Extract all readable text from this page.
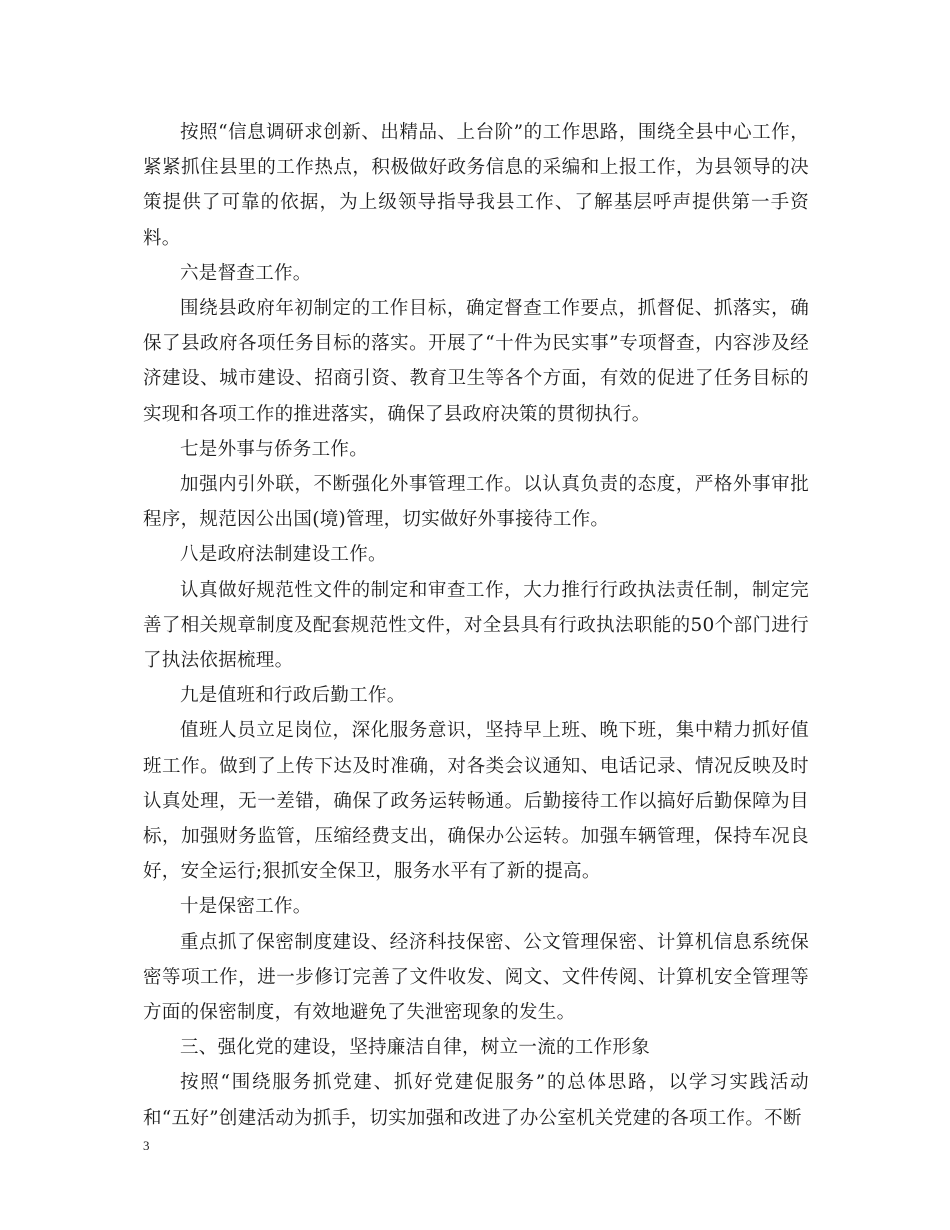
按照“信息调研求创新、出精品、上台阶”的工作思路，围绕全县中心工作，紧紧抓住县里的工作热点，积极做好政务信息的采编和上报工作，为县领导的决策提供了可靠的依据，为上级领导指导我县工作、了解基层呼声提供第一手资料。

六是督查工作。

围绕县政府年初制定的工作目标，确定督查工作要点，抓督促、抓落实，确保了县政府各项任务目标的落实。开展了“十件为民实事”专项督查，内容涉及经济建设、城市建设、招商引资、教育卫生等各个方面，有效的促进了任务目标的实现和各项工作的推进落实，确保了县政府决策的贯彻执行。

七是外事与侨务工作。

加强内引外联，不断强化外事管理工作。以认真负责的态度，严格外事审批程序，规范因公出国(境)管理，切实做好外事接待工作。

八是政府法制建设工作。

认真做好规范性文件的制定和审查工作，大力推行行政执法责任制，制定完善了相关规章制度及配套规范性文件，对全县具有行政执法职能的50个部门进行了执法依据梳理。

九是值班和行政后勤工作。

值班人员立足岗位，深化服务意识，坚持早上班、晚下班，集中精力抓好值班工作。做到了上传下达及时准确，对各类会议通知、电话记录、情况反映及时认真处理，无一差错，确保了政务运转畅通。后勤接待工作以搞好后勤保障为目标，加强财务监管，压缩经费支出，确保办公运转。加强车辆管理，保持车况良好，安全运行;狠抓安全保卫，服务水平有了新的提高。

十是保密工作。

重点抓了保密制度建设、经济科技保密、公文管理保密、计算机信息系统保密等项工作，进一步修订完善了文件收发、阅文、文件传阅、计算机安全管理等方面的保密制度，有效地避免了失泄密现象的发生。

三、强化党的建设，坚持廉洁自律，树立一流的工作形象

按照“围绕服务抓党建、抓好党建促服务”的总体思路，以学习实践活动和“五好”创建活动为抓手，切实加强和改进了办公室机关党建的各项工作。不断

3
